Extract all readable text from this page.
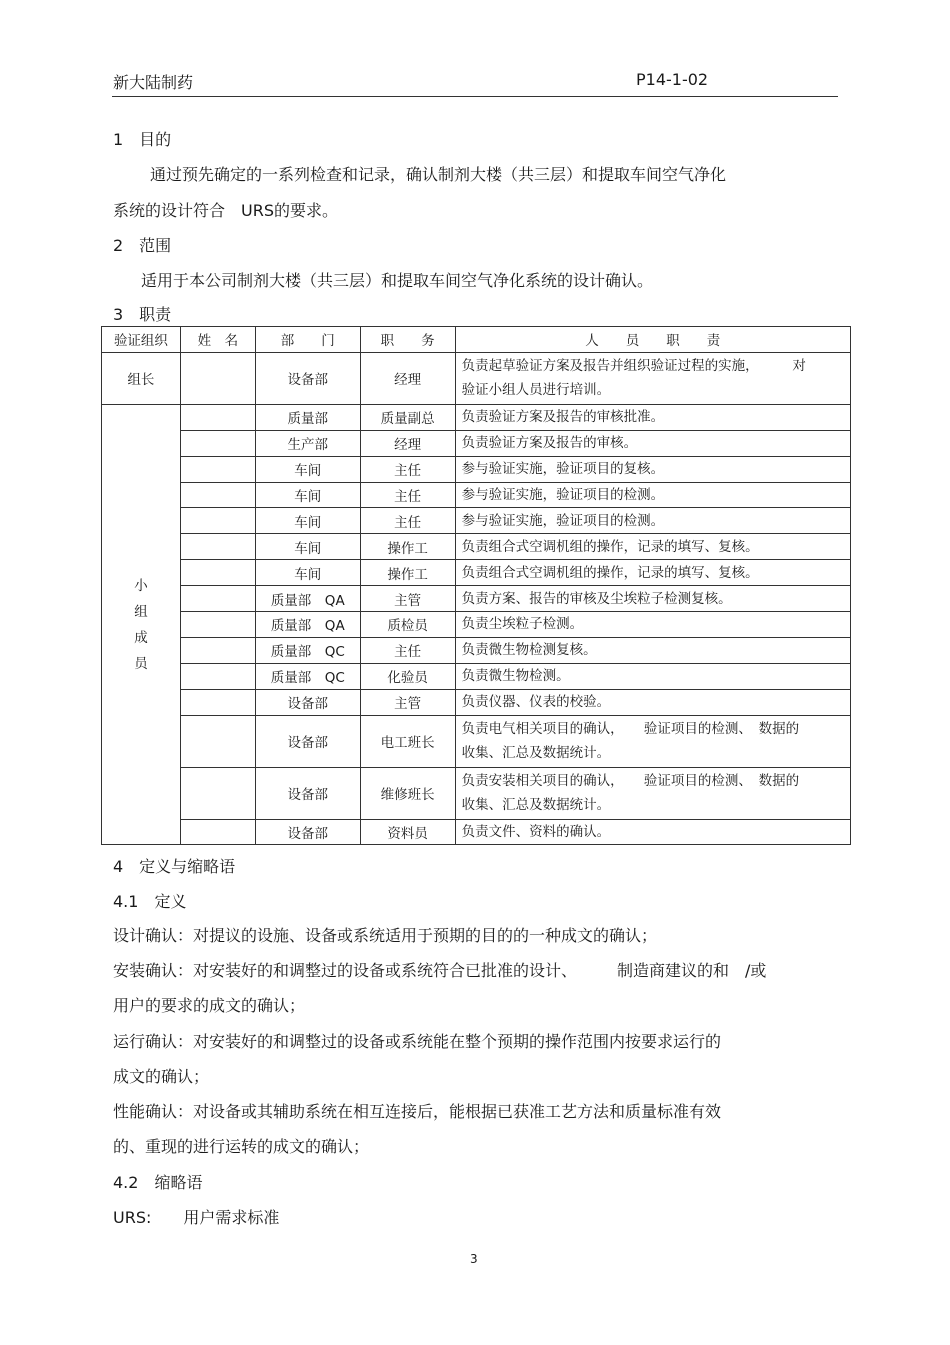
新大陆制药	P14-1-02
1　目的
通过预先确定的一系列检查和记录，确认制剂大楼（共三层）和提取车间空气净化
系统的设计符合　URS的要求。
2　范围
适用于本公司制剂大楼（共三层）和提取车间空气净化系统的设计确认。
3　职责
验证组织	姓　名	部　　门	职　　务	人　　员　　职　　责
组长		设备部	经理	负责起草验证方案及报告并组织验证过程的实施，　　　对
验证小组人员进行培训。

小
组
成
员		质量部	质量副总	负责验证方案及报告的审核批准。
		生产部	经理	负责验证方案及报告的审核。
		车间	主任	参与验证实施，验证项目的复核。
		车间	主任	参与验证实施，验证项目的检测。
		车间	主任	参与验证实施，验证项目的检测。
		车间	操作工	负责组合式空调机组的操作，记录的填写、复核。
		车间	操作工	负责组合式空调机组的操作，记录的填写、复核。
		质量部　QA	主管	负责方案、报告的审核及尘埃粒子检测复核。
		质量部　QA	质检员	负责尘埃粒子检测。
		质量部　QC	主任	负责微生物检测复核。
		质量部　QC	化验员	负责微生物检测。
		设备部	主管	负责仪器、仪表的校验。
		设备部	电工班长	负责电气相关项目的确认，　　验证项目的检测、　数据的
收集、汇总及数据统计。

		设备部	维修班长	负责安装相关项目的确认，　　验证项目的检测、　数据的
收集、汇总及数据统计。

		设备部	资料员	负责文件、资料的确认。
4　定义与缩略语
4.1　定义
设计确认：对提议的设施、设备或系统适用于预期的目的的一种成文的确认；
安装确认：对安装好的和调整过的设备或系统符合已批准的设计、　　　制造商建议的和　/或
用户的要求的成文的确认；
运行确认：对安装好的和调整过的设备或系统能在整个预期的操作范围内按要求运行的
成文的确认；
性能确认：对设备或其辅助系统在相互连接后，能根据已获准工艺方法和质量标准有效
的、重现的进行运转的成文的确认；
4.2　缩略语
URS:　　用户需求标准
3
